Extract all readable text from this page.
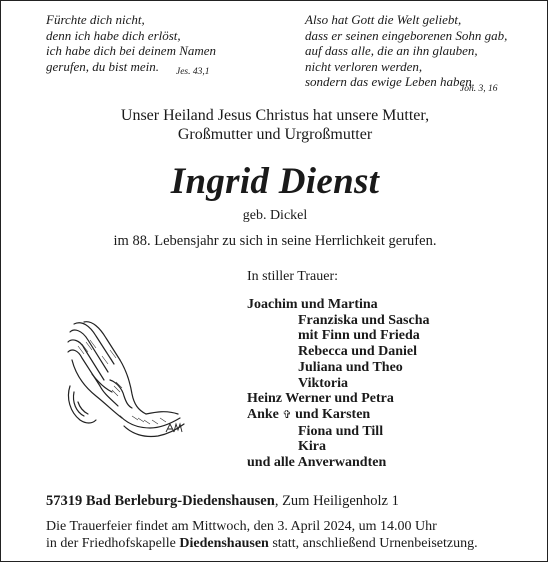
Fürchte dich nicht,
denn ich habe dich erlöst,
ich habe dich bei deinem Namen
gerufen, du bist mein.	Jes. 43,1
Also hat Gott die Welt geliebt,
dass er seinen eingeborenen Sohn gab,
auf dass alle, die an ihn glauben,
nicht verloren werden,
sondern das ewige Leben haben.
Joh. 3, 16
Unser Heiland Jesus Christus hat unsere Mutter,
Großmutter und Urgroßmutter
Ingrid Dienst
geb. Dickel
im 88. Lebensjahr zu sich in seine Herrlichkeit gerufen.
In stiller Trauer:
Joachim und Martina
Franziska und Sascha
mit Finn und Frieda
Rebecca und Daniel
Juliana und Theo
Viktoria
Heinz Werner und Petra
Anke ✞ und Karsten
Fiona und Till
Kira
und alle Anverwandten
57319 Bad Berleburg-Diedenshausen, Zum Heiligenholz 1
Die Trauerfeier findet am Mittwoch, den 3. April 2024, um 14.00 Uhr
in der Friedhofskapelle Diedenshausen statt, anschließend Urnenbeisetzung.
